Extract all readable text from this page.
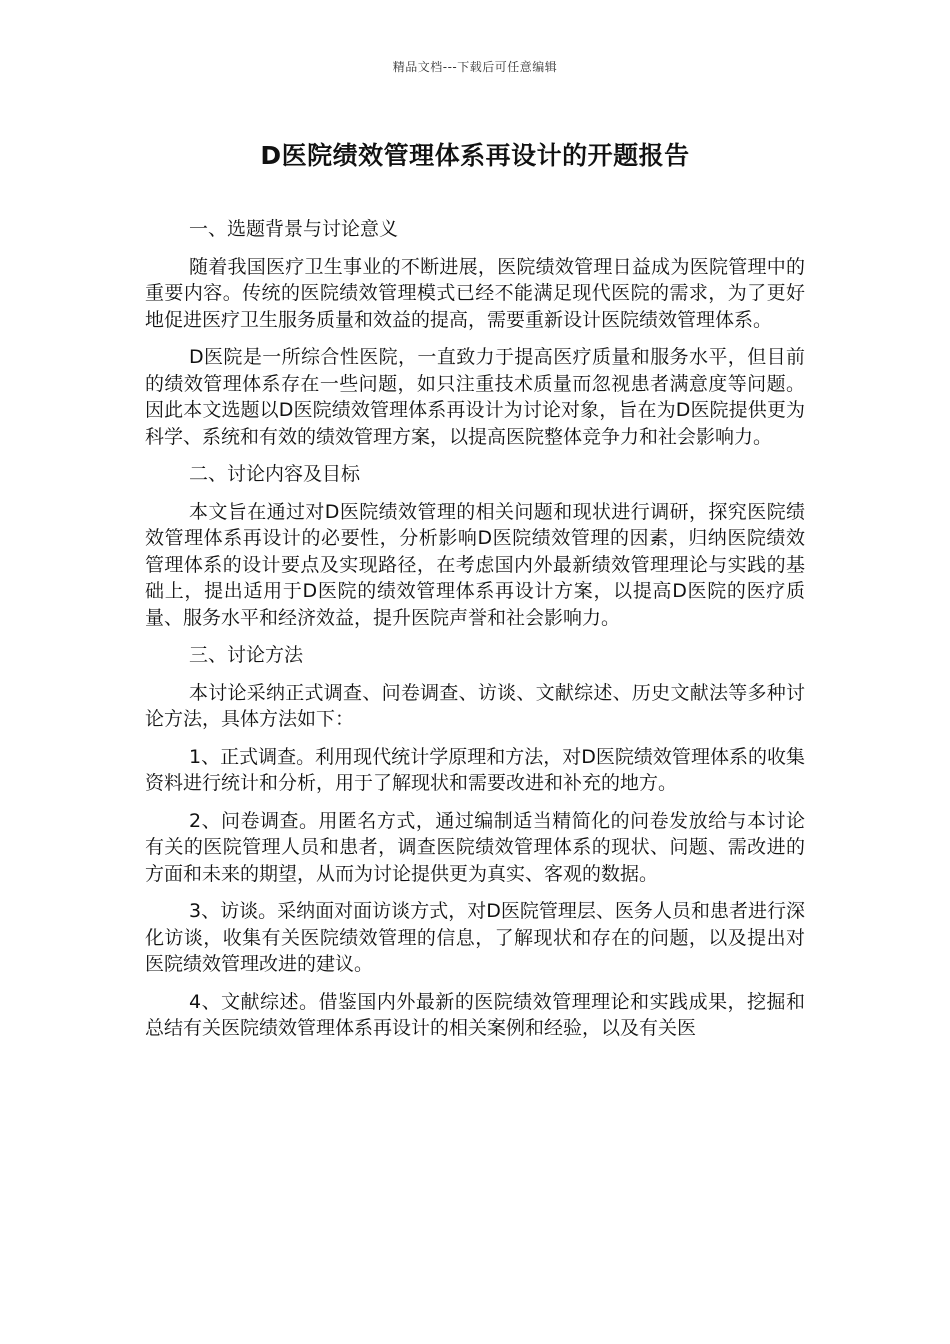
精品文档---下载后可任意编辑
D医院绩效管理体系再设计的开题报告

一、选题背景与讨论意义

随着我国医疗卫生事业的不断进展，医院绩效管理日益成为医院管理中的重要内容。传统的医院绩效管理模式已经不能满足现代医院的需求，为了更好地促进医疗卫生服务质量和效益的提高，需要重新设计医院绩效管理体系。

D医院是一所综合性医院，一直致力于提高医疗质量和服务水平，但目前的绩效管理体系存在一些问题，如只注重技术质量而忽视患者满意度等问题。因此本文选题以D医院绩效管理体系再设计为讨论对象，旨在为D医院提供更为科学、系统和有效的绩效管理方案，以提高医院整体竞争力和社会影响力。

二、讨论内容及目标

本文旨在通过对D医院绩效管理的相关问题和现状进行调研，探究医院绩效管理体系再设计的必要性，分析影响D医院绩效管理的因素，归纳医院绩效管理体系的设计要点及实现路径，在考虑国内外最新绩效管理理论与实践的基础上，提出适用于D医院的绩效管理体系再设计方案，以提高D医院的医疗质量、服务水平和经济效益，提升医院声誉和社会影响力。

三、讨论方法

本讨论采纳正式调查、问卷调查、访谈、文献综述、历史文献法等多种讨论方法，具体方法如下：

1、正式调查。利用现代统计学原理和方法，对D医院绩效管理体系的收集资料进行统计和分析，用于了解现状和需要改进和补充的地方。

2、问卷调查。用匿名方式，通过编制适当精简化的问卷发放给与本讨论有关的医院管理人员和患者，调查医院绩效管理体系的现状、问题、需改进的方面和未来的期望，从而为讨论提供更为真实、客观的数据。

3、访谈。采纳面对面访谈方式，对D医院管理层、医务人员和患者进行深化访谈，收集有关医院绩效管理的信息，了解现状和存在的问题，以及提出对医院绩效管理改进的建议。

4、文献综述。借鉴国内外最新的医院绩效管理理论和实践成果，挖掘和总结有关医院绩效管理体系再设计的相关案例和经验，以及有关医
